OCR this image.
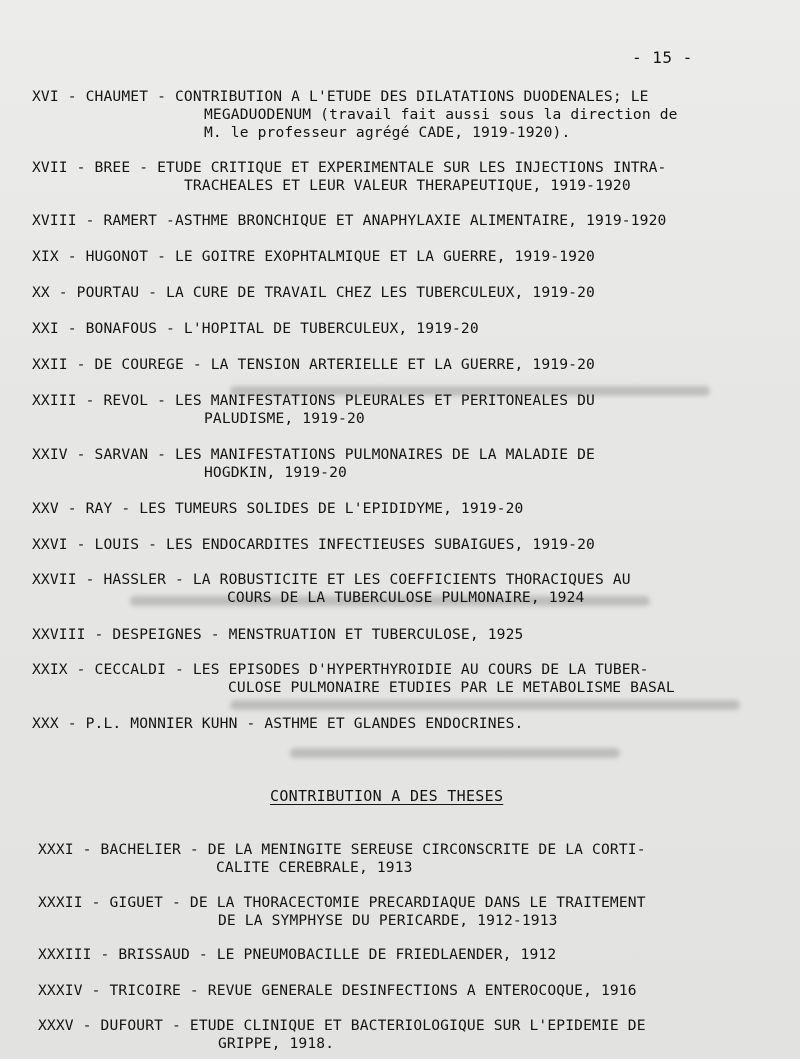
- 15 -
XVI - CHAUMET - CONTRIBUTION A L'ETUDE DES DILATATIONS DUODENALES; LE
MEGADUODENUM (travail fait aussi sous la direction de
M. le professeur agrégé CADE, 1919-1920).
XVII - BREE - ETUDE CRITIQUE ET EXPERIMENTALE SUR LES INJECTIONS INTRA-
TRACHEALES ET LEUR VALEUR THERAPEUTIQUE, 1919-1920
XVIII - RAMERT -ASTHME BRONCHIQUE ET ANAPHYLAXIE ALIMENTAIRE, 1919-1920
XIX - HUGONOT - LE GOITRE EXOPHTALMIQUE ET LA GUERRE, 1919-1920
XX - POURTAU - LA CURE DE TRAVAIL CHEZ LES TUBERCULEUX, 1919-20
XXI - BONAFOUS - L'HOPITAL DE TUBERCULEUX, 1919-20
XXII - DE COUREGE - LA TENSION ARTERIELLE ET LA GUERRE, 1919-20
XXIII - REVOL - LES MANIFESTATIONS PLEURALES ET PERITONEALES DU
PALUDISME, 1919-20
XXIV - SARVAN - LES MANIFESTATIONS PULMONAIRES DE LA MALADIE DE
HOGDKIN, 1919-20
XXV - RAY - LES TUMEURS SOLIDES DE L'EPIDIDYME, 1919-20
XXVI - LOUIS - LES ENDOCARDITES INFECTIEUSES SUBAIGUES, 1919-20
XXVII - HASSLER - LA ROBUSTICITE ET LES COEFFICIENTS THORACIQUES AU
COURS DE LA TUBERCULOSE PULMONAIRE, 1924
XXVIII - DESPEIGNES - MENSTRUATION ET TUBERCULOSE, 1925
XXIX - CECCALDI - LES EPISODES D'HYPERTHYROIDIE AU COURS DE LA TUBER-
CULOSE PULMONAIRE ETUDIES PAR LE METABOLISME BASAL
XXX - P.L. MONNIER KUHN - ASTHME ET GLANDES ENDOCRINES.
CONTRIBUTION A DES THESES
XXXI - BACHELIER - DE LA MENINGITE SEREUSE CIRCONSCRITE DE LA CORTI-
CALITE CEREBRALE, 1913
XXXII - GIGUET - DE LA THORACECTOMIE PRECARDIAQUE DANS LE TRAITEMENT
DE LA SYMPHYSE DU PERICARDE, 1912-1913
XXXIII - BRISSAUD - LE PNEUMOBACILLE DE FRIEDLAENDER, 1912
XXXIV - TRICOIRE - REVUE GENERALE DESINFECTIONS A ENTEROCOQUE, 1916
XXXV - DUFOURT - ETUDE CLINIQUE ET BACTERIOLOGIQUE SUR L'EPIDEMIE DE
GRIPPE, 1918.
